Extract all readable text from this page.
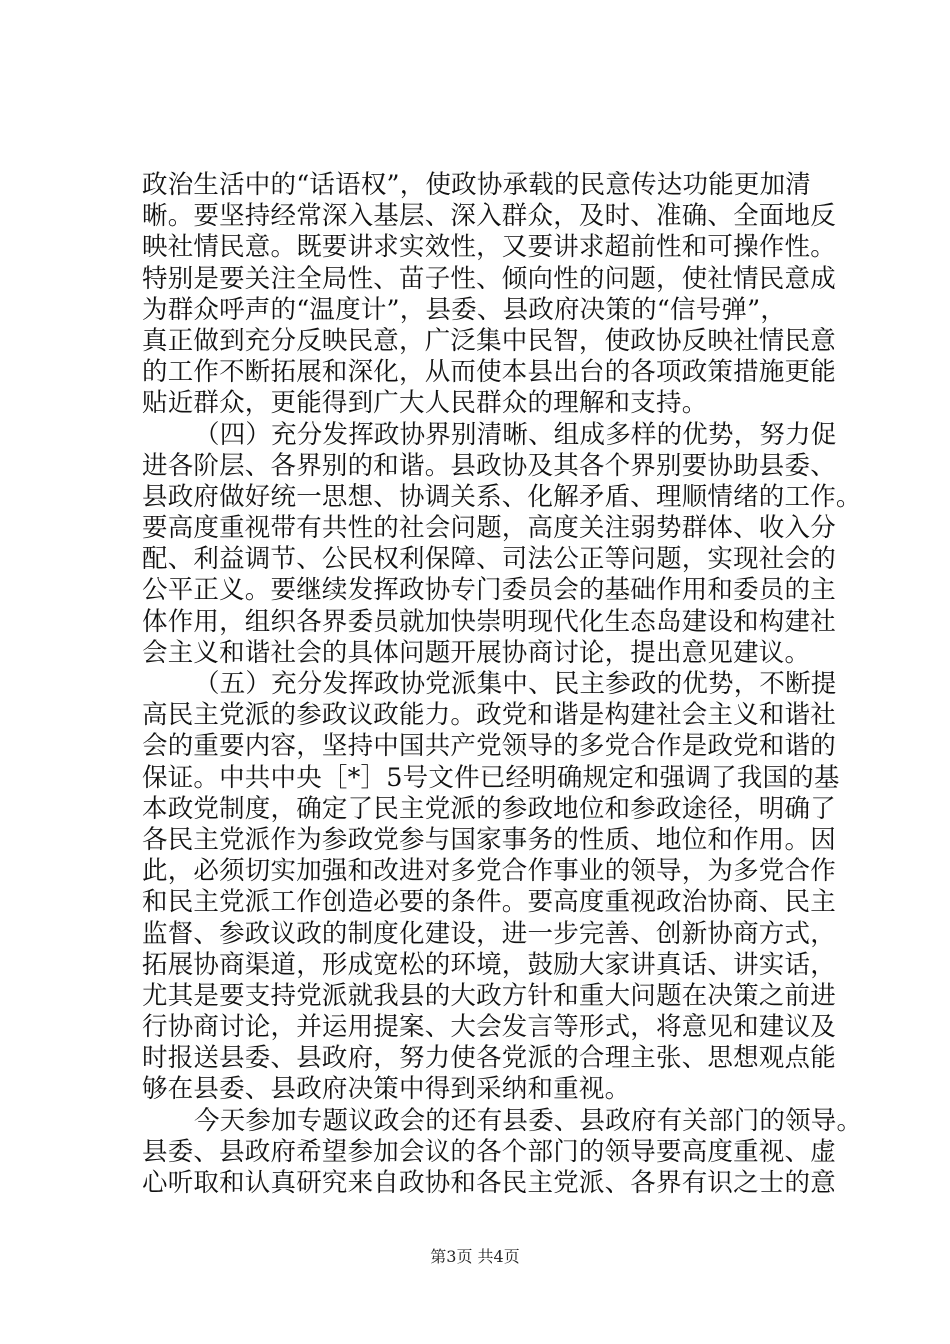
政治生活中的“话语权”，使政协承载的民意传达功能更加清
晰。要坚持经常深入基层、深入群众，及时、准确、全面地反
映社情民意。既要讲求实效性，又要讲求超前性和可操作性。
特别是要关注全局性、苗子性、倾向性的问题，使社情民意成
为群众呼声的“温度计”，县委、县政府决策的“信号弹”，
真正做到充分反映民意，广泛集中民智，使政协反映社情民意
的工作不断拓展和深化，从而使本县出台的各项政策措施更能
贴近群众，更能得到广大人民群众的理解和支持。
（四）充分发挥政协界别清晰、组成多样的优势，努力促
进各阶层、各界别的和谐。县政协及其各个界别要协助县委、
县政府做好统一思想、协调关系、化解矛盾、理顺情绪的工作。
要高度重视带有共性的社会问题，高度关注弱势群体、收入分
配、利益调节、公民权利保障、司法公正等问题，实现社会的
公平正义。要继续发挥政协专门委员会的基础作用和委员的主
体作用，组织各界委员就加快崇明现代化生态岛建设和构建社
会主义和谐社会的具体问题开展协商讨论，提出意见建议。
（五）充分发挥政协党派集中、民主参政的优势，不断提
高民主党派的参政议政能力。政党和谐是构建社会主义和谐社
会的重要内容，坚持中国共产党领导的多党合作是政党和谐的
保证。中共中央［*］5号文件已经明确规定和强调了我国的基
本政党制度，确定了民主党派的参政地位和参政途径，明确了
各民主党派作为参政党参与国家事务的性质、地位和作用。因
此，必须切实加强和改进对多党合作事业的领导，为多党合作
和民主党派工作创造必要的条件。要高度重视政治协商、民主
监督、参政议政的制度化建设，进一步完善、创新协商方式，
拓展协商渠道，形成宽松的环境，鼓励大家讲真话、讲实话，
尤其是要支持党派就我县的大政方针和重大问题在决策之前进
行协商讨论，并运用提案、大会发言等形式，将意见和建议及
时报送县委、县政府，努力使各党派的合理主张、思想观点能
够在县委、县政府决策中得到采纳和重视。
今天参加专题议政会的还有县委、县政府有关部门的领导。
县委、县政府希望参加会议的各个部门的领导要高度重视、虚
心听取和认真研究来自政协和各民主党派、各界有识之士的意
第3页 共4页
